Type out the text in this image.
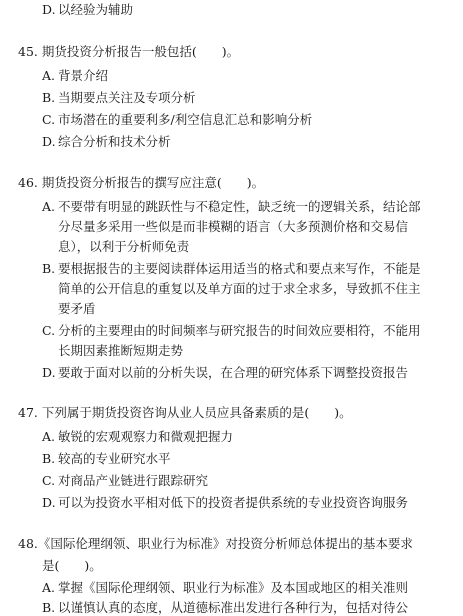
D. 以经验为辅助
45. 期货投资分析报告一般包括(　　)。
A. 背景介绍
B. 当期要点关注及专项分析
C. 市场潜在的重要利多/利空信息汇总和影响分析
D. 综合分析和技术分析
46. 期货投资分析报告的撰写应注意(　　)。
A. 不要带有明显的跳跃性与不稳定性，缺乏统一的逻辑关系，结论部
分尽量多采用一些似是而非模糊的语言（大多预测价格和交易信
息），以利于分析师免责
B. 要根据报告的主要阅读群体运用适当的格式和要点来写作，不能是
简单的公开信息的重复以及单方面的过于求全求多，导致抓不住主
要矛盾
C. 分析的主要理由的时间频率与研究报告的时间效应要相符，不能用
长期因素推断短期走势
D. 要敢于面对以前的分析失误，在合理的研究体系下调整投资报告
47. 下列属于期货投资咨询从业人员应具备素质的是(　　)。
A. 敏锐的宏观观察力和微观把握力
B. 较高的专业研究水平
C. 对商品产业链进行跟踪研究
D. 可以为投资水平相对低下的投资者提供系统的专业投资咨询服务
48.《国际伦理纲领、职业行为标准》对投资分析师总体提出的基本要求
是(　　)。
A. 掌握《国际伦理纲领、职业行为标准》及本国或地区的相关准则
B. 以谨慎认真的态度，从道德标准出发进行各种行为，包括对待公
